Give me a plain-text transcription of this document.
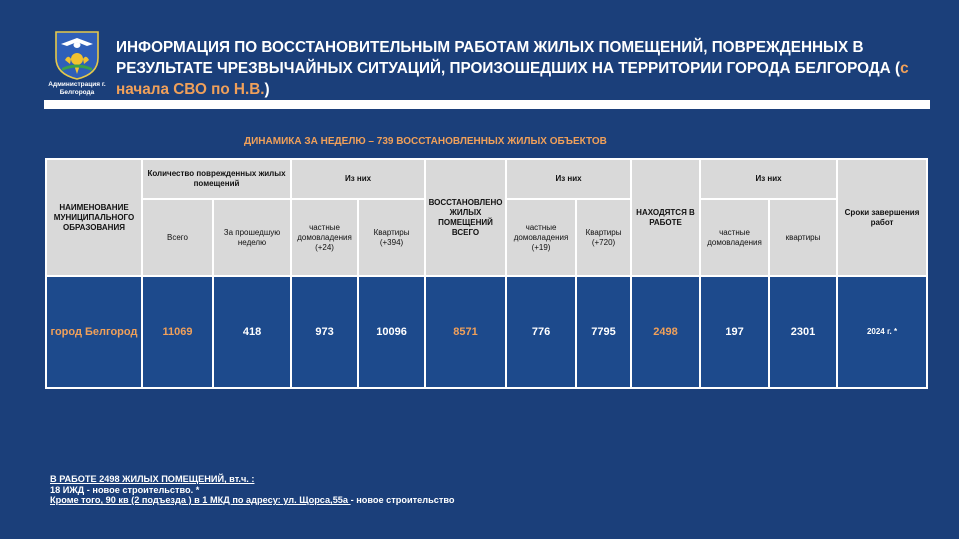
Администрация г. Белгорода
ИНФОРМАЦИЯ ПО ВОССТАНОВИТЕЛЬНЫМ РАБОТАМ ЖИЛЫХ ПОМЕЩЕНИЙ, ПОВРЕЖДЕННЫХ В РЕЗУЛЬТАТЕ ЧРЕЗВЫЧАЙНЫХ СИТУАЦИЙ, ПРОИЗОШЕДШИХ НА ТЕРРИТОРИИ ГОРОДА БЕЛГОРОДА (с начала СВО по Н.В.)
ДИНАМИКА ЗА НЕДЕЛЮ – 739 ВОССТАНОВЛЕННЫХ ЖИЛЫХ ОБЪЕКТОВ
НАИМЕНОВАНИЕ МУНИЦИПАЛЬНОГО ОБРАЗОВАНИЯ	Количество поврежденных жилых помещений		Из них		ВОССТАНОВЛЕНО ЖИЛЫХ ПОМЕЩЕНИЙ ВСЕГО	Из них		НАХОДЯТСЯ В РАБОТЕ	Из них		Сроки завершения работ
	Всего	За прошедшую неделю	частные домовладения (+24)	Квартиры (+394)		частные домовладения (+19)	Квартиры (+720)		частные домовладения	квартиры	
город Белгород	11069	418	973	10096	8571	776	7795	2498	197	2301	2024 г. *
В РАБОТЕ 2498 ЖИЛЫХ ПОМЕЩЕНИЙ, вт.ч. :
18 ИЖД - новое строительство. *
Кроме того, 90 кв (2 подъезда ) в 1 МКД по адресу: ул. Щорса,55а - новое строительство
